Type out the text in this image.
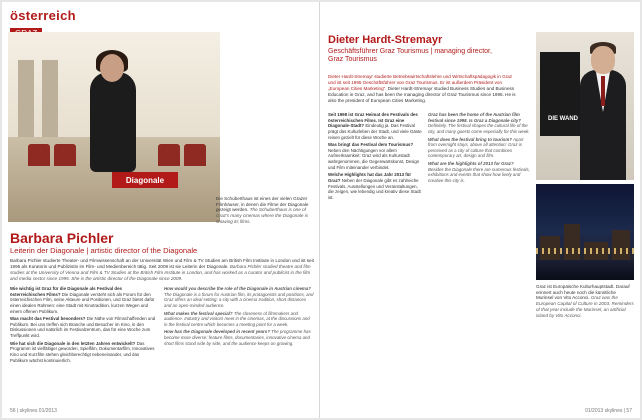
österreich
Diagonale
Die Schuberthaus ist eines der vielen Grazer Filmhäuser, in denen die Filme der Diagonale gezeigt werden. The Schuberthaus is one of Graz's many cinemas where the Diagonale is showing its films.
Barbara Pichler
Leiterin der Diagonale | artistic director of the Diagonale
Barbara Pichler studierte Theater- und Filmwissenschaft an der Universität Wien und Film & TV Studies am British Film Institute in London und ist seit 1995 als Kuratorin und Publizistin im Film- und Medienbereich tätig. Seit 2009 ist sie Leiterin der Diagonale. Barbara Pichler studied theatre and film studies at the University of Vienna and Film & TV Studies at the British Film Institute in London, and has worked as a curator and publicist in the film and media sector since 1995. She is the artistic director of the Diagonale since 2009.

Wie wichtig ist Graz für die Diagonale als Festival des österreichischen Films? Die Diagonale versteht sich als Forum für den österreichischen Film, seine Akteure und Positionen, und Graz bietet dafür einen idealen Rahmen: eine Stadt mit Kinotradition, kurzen Wegen und einem offenen Publikum.

Was macht das Festival besonders? Die Nähe von Filmschaffenden und Publikum. Bei uns treffen sich Branche und Besucher im Kino, in den Diskussionen und natürlich im Festivalzentrum, das für eine Woche zum Treffpunkt wird.

Wie hat sich die Diagonale in den letzten Jahren entwickelt? Das Programm ist vielfältiger geworden, Spielfilm, Dokumentarfilm, Innovatives Kino und Kurzfilm stehen gleichberechtigt nebeneinander, und das Publikum wächst kontinuierlich.

How would you describe the role of the Diagonale in Austrian cinema? The Diagonale is a forum for Austrian film, its protagonists and positions, and Graz offers an ideal setting: a city with a cinema tradition, short distances and an open-minded audience.

What makes the festival special? The closeness of filmmakers and audience. Industry and visitors meet in the cinemas, at the discussions and in the festival centre which becomes a meeting point for a week.

How has the Diagonale developed in recent years? The programme has become more diverse: feature films, documentaries, innovative cinema and short films stand side by side, and the audience keeps on growing.

56 | skylines 01/2013
Dieter Hardt-Stremayr
Geschäftsführer Graz Tourismus | managing director, Graz Tourismus
Dieter Hardt-Stremayr studierte Betriebswirtschaftslehre und Wirtschaftspädagogik in Graz und ist seit 1995 Geschäftsführer von Graz Tourismus. Er ist außerdem Präsident von „European Cities Marketing“. Dieter Hardt-Stremayr studied Business Studies and Business Education in Graz, and has been the managing director of Graz Tourismus since 1995. He is also the president of European Cities Marketing.

Seit 1998 ist Graz Heimat des Festivals des österreichischen Films. Ist Graz eine Diagonale-Stadt? Eindeutig ja. Das Festival prägt das Kulturleben der Stadt, und viele Gäste reisen gezielt für diese Woche an.

Was bringt das Festival dem Tourismus? Neben den Nächtigungen vor allem Aufmerksamkeit: Graz wird als Kulturstadt wahrgenommen, die Gegenwartskunst, Design und Film miteinander verbindet.

Welche Highlights hat das Jahr 2013 für Graz? Neben der Diagonale gibt es zahlreiche Festivals, Ausstellungen und Veranstaltungen, die zeigen, wie lebendig und kreativ diese Stadt ist.

Graz has been the home of the Austrian film festival since 1998. Is Graz a Diagonale city? Definitely. The festival shapes the cultural life of the city, and many guests come especially for this week.

What does the festival bring to tourism? Apart from overnight stays, above all attention: Graz is perceived as a city of culture that combines contemporary art, design and film.

What are the highlights of 2013 for Graz? Besides the Diagonale there are numerous festivals, exhibitions and events that show how lively and creative this city is.

DIE WAND
Graz ist Europäische Kulturhauptstadt. Darauf erinnert auch heute noch die künstliche Murinsel von Vito Acconci. Graz was the European Capital of Culture in 2003. Reminders of that year include the Murinsel, an artificial island by Vito Acconci.
01/2013 skylines | 57
